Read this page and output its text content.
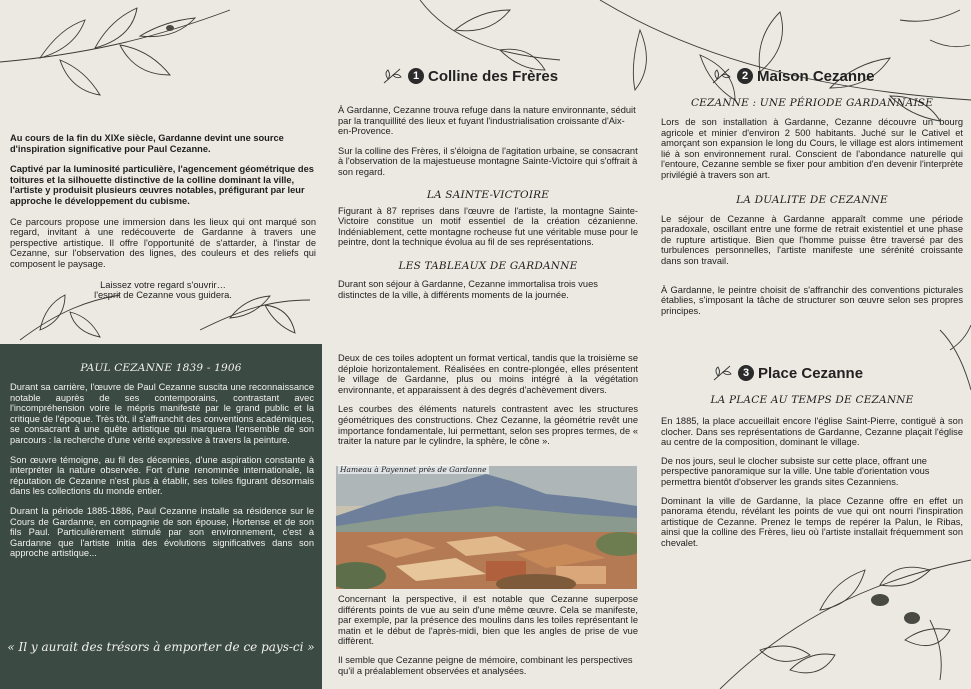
Au cours de la fin du XIXe siècle, Gardanne devint une source d'inspiration significative pour Paul Cezanne.

Captivé par la luminosité particulière, l'agencement géométrique des toitures et la silhouette distinctive de la colline dominant la ville, l'artiste y produisit plusieurs œuvres notables, préfigurant par leur approche le développement du cubisme.

Ce parcours propose une immersion dans les lieux qui ont marqué son regard, invitant à une redécouverte de Gardanne à travers une perspective artistique. Il offre l'opportunité de s'attarder, à l'instar de Cezanne, sur l'observation des lignes, des couleurs et des reliefs qui composent le paysage.

Laissez votre regard s'ouvrir…

l'esprit de Cezanne vous guidera.

PAUL CEZANNE 1839 - 1906

Durant sa carrière, l'œuvre de Paul Cezanne suscita une reconnaissance notable auprès de ses contemporains, contrastant avec l'incompréhension voire le mépris manifesté par le grand public et la critique de l'époque. Très tôt, il s'affranchit des conventions académiques, se consacrant à une quête artistique qui marquera l'ensemble de son parcours : la recherche d'une vérité expressive à travers la peinture.

Son œuvre témoigne, au fil des décennies, d'une aspiration constante à interpréter la nature observée. Fort d'une renommée internationale, la réputation de Cezanne n'est plus à établir, ses toiles figurant désormais dans les collections du monde entier.

Durant la période 1885-1886, Paul Cezanne installe sa résidence sur le Cours de Gardanne, en compagnie de son épouse, Hortense et de son fils Paul. Particulièrement stimulé par son environnement, c'est à Gardanne que l'artiste initia des évolutions significatives dans son approche artistique...

« Il y aurait des trésors à emporter de ce pays-ci »
1 Colline des Frères

À Gardanne, Cezanne trouva refuge dans la nature environnante, séduit par la tranquillité des lieux et fuyant l'industrialisation croissante d'Aix-en-Provence.

Sur la colline des Frères, il s'éloigna de l'agitation urbaine, se consacrant à l'observation de la majestueuse montagne Sainte-Victoire qui s'offrait à son regard.

LA SAINTE-VICTOIRE

Figurant à 87 reprises dans l'œuvre de l'artiste, la montagne Sainte-Victoire constitue un motif essentiel de la création cézanienne. Indéniablement, cette montagne rocheuse fut une véritable muse pour le peintre, dont la technique évolua au fil de ses représentations.

LES TABLEAUX DE GARDANNE

Durant son séjour à Gardanne, Cezanne immortalisa trois vues distinctes de la ville, à différents moments de la journée.

Deux de ces toiles adoptent un format vertical, tandis que la troisième se déploie horizontalement. Réalisées en contre-plongée, elles présentent le village de Gardanne, plus ou moins intégré à la végétation environnante, et apparaissent à des degrés d'achèvement divers.

Les courbes des éléments naturels contrastent avec les structures géométriques des constructions. Chez Cezanne, la géométrie revêt une importance fondamentale, lui permettant, selon ses propres termes, de « traiter la nature par le cylindre, la sphère, le cône ».

Hameau à Payennet près de Gardanne

Concernant la perspective, il est notable que Cezanne superpose différents points de vue au sein d'une même œuvre. Cela se manifeste, par exemple, par la présence des moulins dans les toiles représentant le matin et le début de l'après-midi, bien que les angles de prise de vue diffèrent.

Il semble que Cezanne peigne de mémoire, combinant les perspectives qu'il a préalablement observées et analysées.

2 Maison Cezanne
CEZANNE : UNE PÉRIODE GARDANNAISE

Lors de son installation à Gardanne, Cezanne découvre un bourg agricole et minier d'environ 2 500 habitants. Juché sur le Cativel et amorçant son expansion le long du Cours, le village est alors intimement lié à son environnement rural. Conscient de l'abondance naturelle qui l'entoure, Cezanne semble se fixer pour ambition d'en devenir l'interprète privilégié à travers son art.

LA DUALITE DE CEZANNE

Le séjour de Cezanne à Gardanne apparaît comme une période paradoxale, oscillant entre une forme de retrait existentiel et une phase de rupture artistique. Bien que l'homme puisse être traversé par des turbulences personnelles, l'artiste manifeste une sérénité croissante dans son travail.

À Gardanne, le peintre choisit de s'affranchir des conventions picturales établies, s'imposant la tâche de structurer son œuvre selon ses propres principes.

3 Place Cezanne
LA PLACE AU TEMPS DE CEZANNE

En 1885, la place accueillait encore l'église Saint-Pierre, contiguë à son clocher. Dans ses représentations de Gardanne, Cezanne plaçait l'église au centre de la composition, dominant le village.

De nos jours, seul le clocher subsiste sur cette place, offrant une perspective panoramique sur la ville. Une table d'orientation vous permettra bientôt d'observer les grands sites Cezanniens.

Dominant la ville de Gardanne, la place Cezanne offre en effet un panorama étendu, révélant les points de vue qui ont nourri l'inspiration artistique de Cezanne. Prenez le temps de repérer la Palun, le Ribas, ainsi que la colline des Frères, lieu où l'artiste installait fréquemment son chevalet.
